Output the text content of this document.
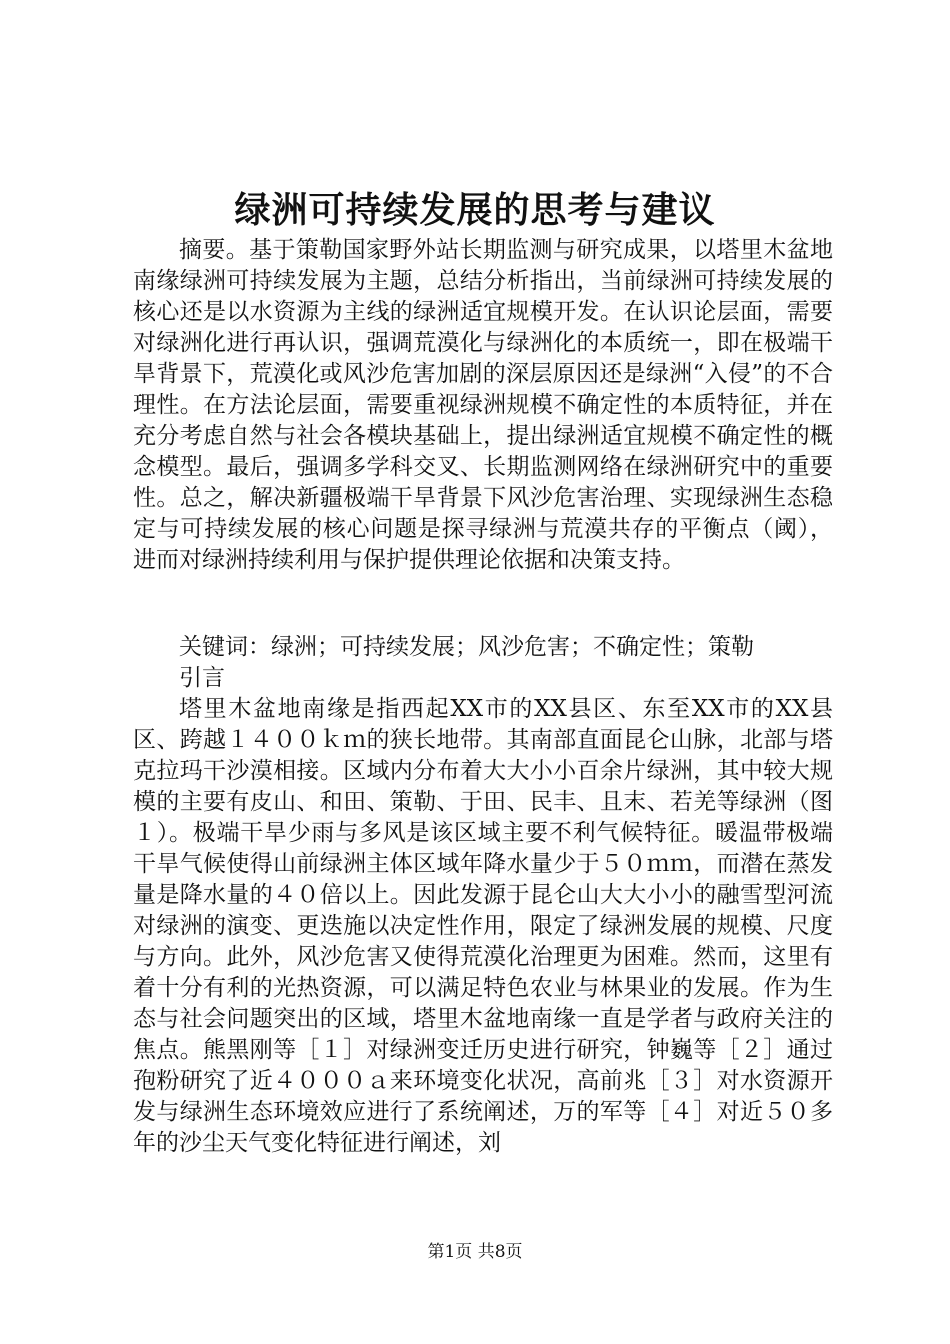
绿洲可持续发展的思考与建议

摘要。基于策勒国家野外站长期监测与研究成果，以塔里木盆地南缘绿洲可持续发展为主题，总结分析指出，当前绿洲可持续发展的核心还是以水资源为主线的绿洲适宜规模开发。在认识论层面，需要对绿洲化进行再认识，强调荒漠化与绿洲化的本质统一，即在极端干旱背景下，荒漠化或风沙危害加剧的深层原因还是绿洲“入侵”的不合理性。在方法论层面，需要重视绿洲规模不确定性的本质特征，并在充分考虑自然与社会各模块基础上，提出绿洲适宜规模不确定性的概念模型。最后，强调多学科交叉、长期监测网络在绿洲研究中的重要性。总之，解决新疆极端干旱背景下风沙危害治理、实现绿洲生态稳定与可持续发展的核心问题是探寻绿洲与荒漠共存的平衡点（阈），进而对绿洲持续利用与保护提供理论依据和决策支持。

关键词：绿洲；可持续发展；风沙危害；不确定性；策勒

引言

塔里木盆地南缘是指西起XX市的XX县区、东至XX市的XX县区、跨越１４００ｋｍ的狭长地带。其南部直面昆仑山脉，北部与塔克拉玛干沙漠相接。区域内分布着大大小小百余片绿洲，其中较大规模的主要有皮山、和田、策勒、于田、民丰、且末、若羌等绿洲（图１）。极端干旱少雨与多风是该区域主要不利气候特征。暖温带极端干旱气候使得山前绿洲主体区域年降水量少于５０ｍｍ，而潜在蒸发量是降水量的４０倍以上。因此发源于昆仑山大大小小的融雪型河流对绿洲的演变、更迭施以决定性作用，限定了绿洲发展的规模、尺度与方向。此外，风沙危害又使得荒漠化治理更为困难。然而，这里有着十分有利的光热资源，可以满足特色农业与林果业的发展。作为生态与社会问题突出的区域，塔里木盆地南缘一直是学者与政府关注的焦点。熊黑刚等［１］对绿洲变迁历史进行研究，钟巍等［２］通过孢粉研究了近４０００ａ来环境变化状况，高前兆［３］对水资源开发与绿洲生态环境效应进行了系统阐述，万的军等［４］对近５０多年的沙尘天气变化特征进行阐述，刘

第1页 共8页
